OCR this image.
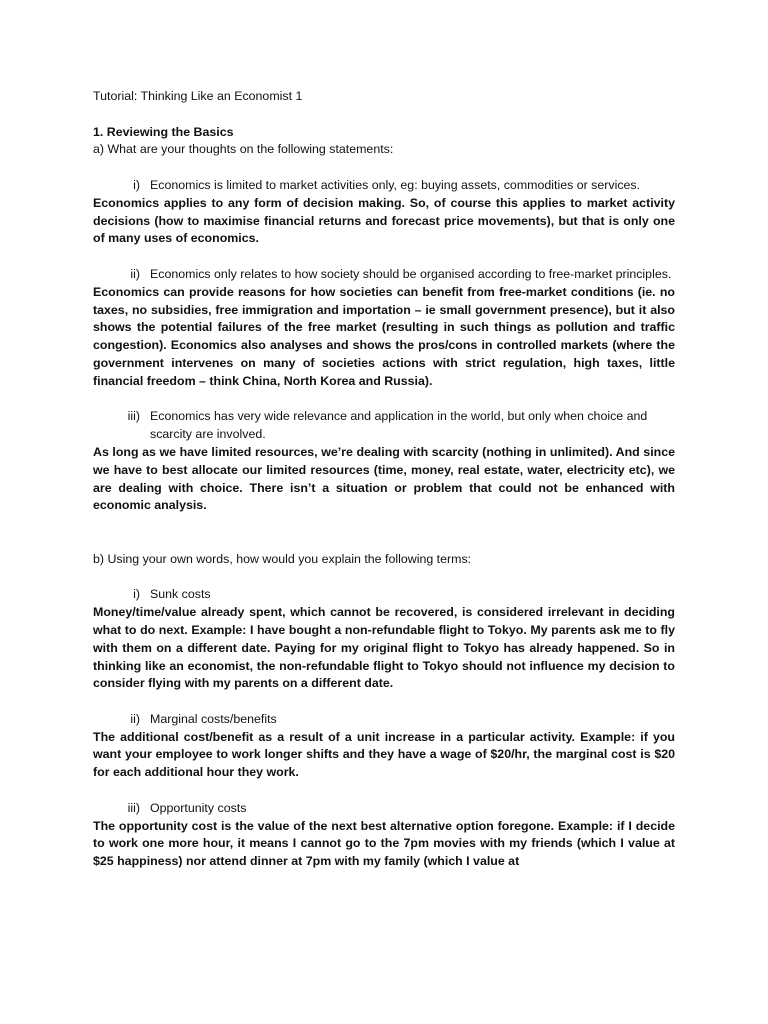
Tutorial: Thinking Like an Economist 1

1. Reviewing the Basics

a) What are your thoughts on the following statements:

i) Economics is limited to market activities only, eg: buying assets, commodities or services.

Economics applies to any form of decision making. So, of course this applies to market activity decisions (how to maximise financial returns and forecast price movements), but that is only one of many uses of economics.

ii) Economics only relates to how society should be organised according to free-market principles.

Economics can provide reasons for how societies can benefit from free-market conditions (ie. no taxes, no subsidies, free immigration and importation – ie small government presence), but it also shows the potential failures of the free market (resulting in such things as pollution and traffic congestion). Economics also analyses and shows the pros/cons in controlled markets (where the government intervenes on many of societies actions with strict regulation, high taxes, little financial freedom – think China, North Korea and Russia).

iii) Economics has very wide relevance and application in the world, but only when choice and scarcity are involved.

As long as we have limited resources, we’re dealing with scarcity (nothing in unlimited). And since we have to best allocate our limited resources (time, money, real estate, water, electricity etc), we are dealing with choice. There isn’t a situation or problem that could not be enhanced with economic analysis.

b) Using your own words, how would you explain the following terms:

i) Sunk costs

Money/time/value already spent, which cannot be recovered, is considered irrelevant in deciding what to do next. Example: I have bought a non-refundable flight to Tokyo. My parents ask me to fly with them on a different date. Paying for my original flight to Tokyo has already happened. So in thinking like an economist, the non-refundable flight to Tokyo should not influence my decision to consider flying with my parents on a different date.

ii) Marginal costs/benefits

The additional cost/benefit as a result of a unit increase in a particular activity. Example: if you want your employee to work longer shifts and they have a wage of $20/hr, the marginal cost is $20 for each additional hour they work.

iii) Opportunity costs

The opportunity cost is the value of the next best alternative option foregone. Example: if I decide to work one more hour, it means I cannot go to the 7pm movies with my friends (which I value at $25 happiness) nor attend dinner at 7pm with my family (which I value at
